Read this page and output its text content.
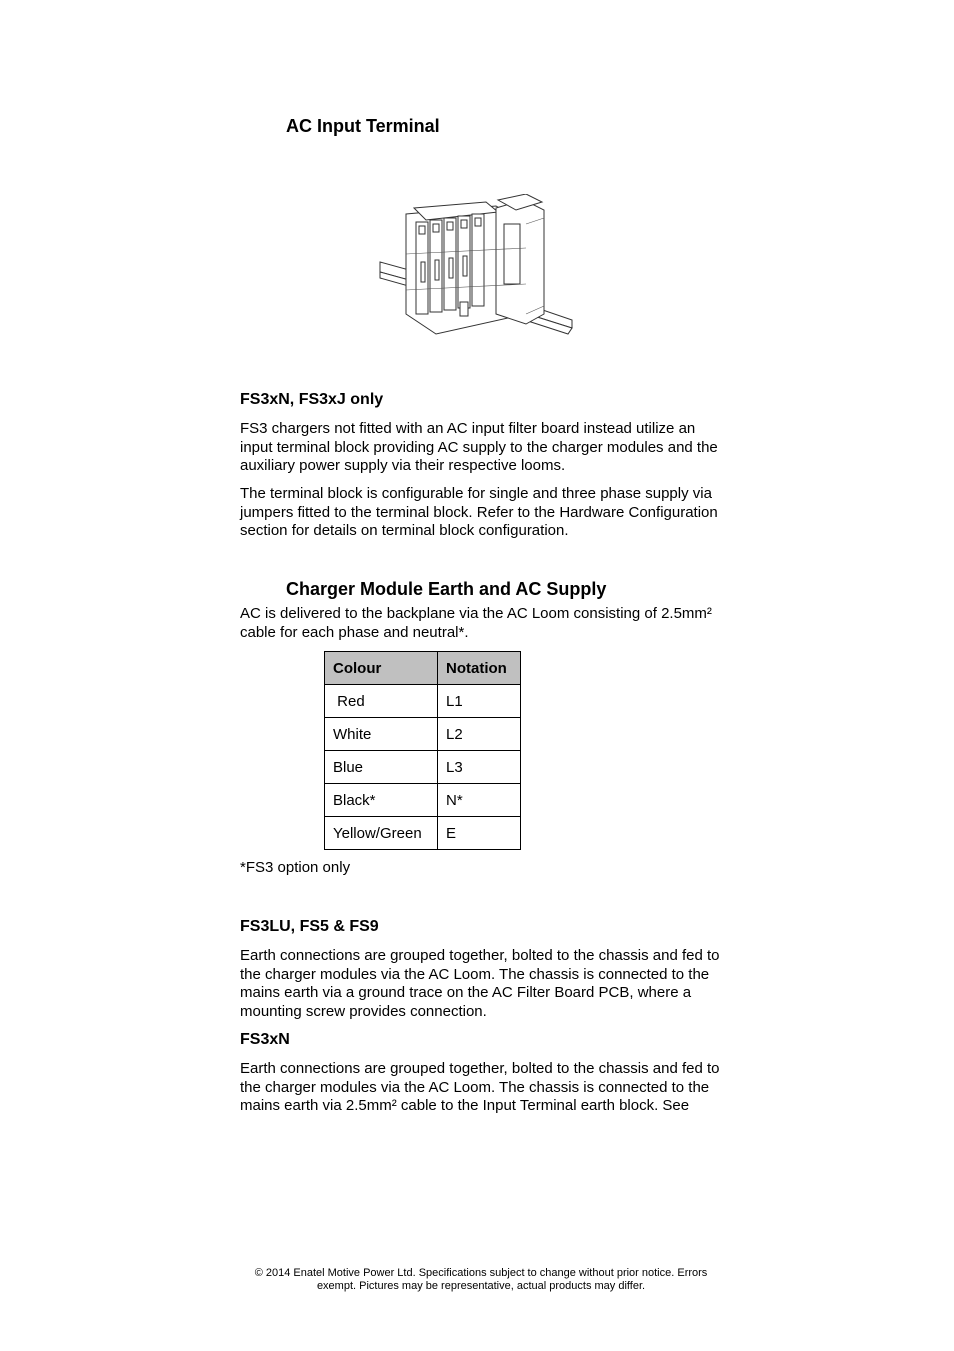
AC Input Terminal
FS3xN, FS3xJ only
FS3 chargers not fitted with an AC input filter board instead utilize an input terminal block providing AC supply to the charger modules and the auxiliary power supply via their respective looms.
The terminal block is configurable for single and three phase supply via jumpers fitted to the terminal block. Refer to the Hardware Configuration section for details on terminal block configuration.
Charger Module Earth and AC Supply
AC is delivered to the backplane via the AC Loom consisting of 2.5mm² cable for each phase and neutral*.
Colour	Notation
Red	L1
White	L2
Blue	L3
Black*	N*
Yellow/Green	E
*FS3 option only
FS3LU, FS5 & FS9
Earth connections are grouped together, bolted to the chassis and fed to the charger modules via the AC Loom. The chassis is connected to the mains earth via a ground trace on the AC Filter Board PCB, where a mounting screw provides connection.
FS3xN
Earth connections are grouped together, bolted to the chassis and fed to the charger modules via the AC Loom. The chassis is connected to the mains earth via 2.5mm² cable to the Input Terminal earth block. See
© 2014 Enatel Motive Power Ltd. Specifications subject to change without prior notice. Errors
exempt. Pictures may be representative, actual products may differ.
